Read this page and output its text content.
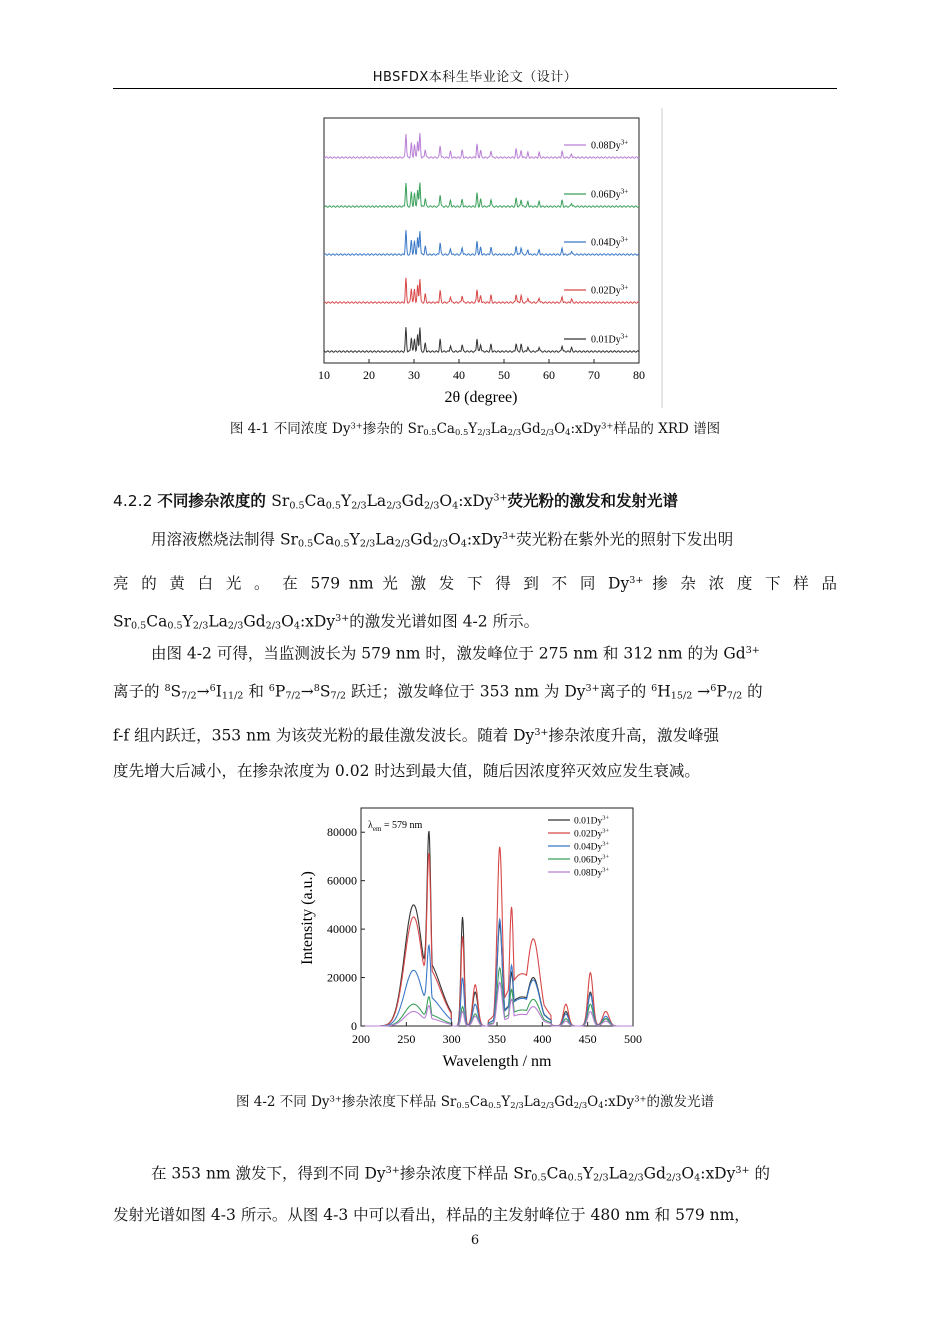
HBSFDX本科生毕业论文（设计）
$0.08Dy^{3+}$
$0.06Dy^{3+}$
$0.04Dy^{3+}$
$0.02Dy^{3+}$
$0.01Dy^{3+}$
10	20	30	40	50	60	70	80
2θ (degree)
图 4-1 不同浓度 $Dy^{3+}$掺杂的 $Sr_{0.5}Ca_{0.5}Y_{2/3}La_{2/3}Gd_{2/3}O_4:xDy^{3+}$样品的 XRD 谱图
4.2.2 不同掺杂浓度的 $Sr_{0.5}Ca_{0.5}Y_{2/3}La_{2/3}Gd_{2/3}O_4:xDy^{3+}$荧光粉的激发和发射光谱
用溶液燃烧法制得 $Sr_{0.5}Ca_{0.5}Y_{2/3}La_{2/3}Gd_{2/3}O_4:xDy^{3+}$荧光粉在紫外光的照射下发出明
亮 的 黄 白 光 。 在 579 nm 光 激 发 下 得 到 不 同 $Dy^{3+}$ 掺 杂 浓 度 下 样 品
$Sr_{0.5}Ca_{0.5}Y_{2/3}La_{2/3}Gd_{2/3}O_4:xDy^{3+}$的激发光谱如图 4-2 所示。
由图 4-2 可得，当监测波长为 579 nm 时，激发峰位于 275 nm 和 312 nm 的为 $Gd^{3+}$
离子的 $^8S_{7/2}\to^6I_{11/2}$ 和 $^6P_{7/2}\to^8S_{7/2}$ 跃迁；激发峰位于 353 nm 为 $Dy^{3+}$离子的 $^6H_{15/2} \to^6P_{7/2}$ 的
f-f 组内跃迁，353 nm 为该荧光粉的最佳激发波长。随着 $Dy^{3+}$掺杂浓度升高，激发峰强
度先增大后减小，在掺杂浓度为 0.02 时达到最大值，随后因浓度猝灭效应发生衰减。
200 250 300 350 400 450 500
0
20000
40000
60000
80000
$0.01Dy^{3+}$
$0.02Dy^{3+}$
$0.04Dy^{3+}$
$0.06Dy^{3+}$
$0.08Dy^{3+}$
$\lambda_{em} = 579$ nm
Intensity (a.u.)
Wavelength / nm
图 4-2 不同 $Dy^{3+}$掺杂浓度下样品 $Sr_{0.5}Ca_{0.5}Y_{2/3}La_{2/3}Gd_{2/3}O_4:xDy^{3+}$的激发光谱
在 353 nm 激发下，得到不同 $Dy^{3+}$掺杂浓度下样品 $Sr_{0.5}Ca_{0.5}Y_{2/3}La_{2/3}Gd_{2/3}O_4:xDy^{3+}$ 的
发射光谱如图 4-3 所示。从图 4-3 中可以看出，样品的主发射峰位于 480 nm 和 579 nm，
6
